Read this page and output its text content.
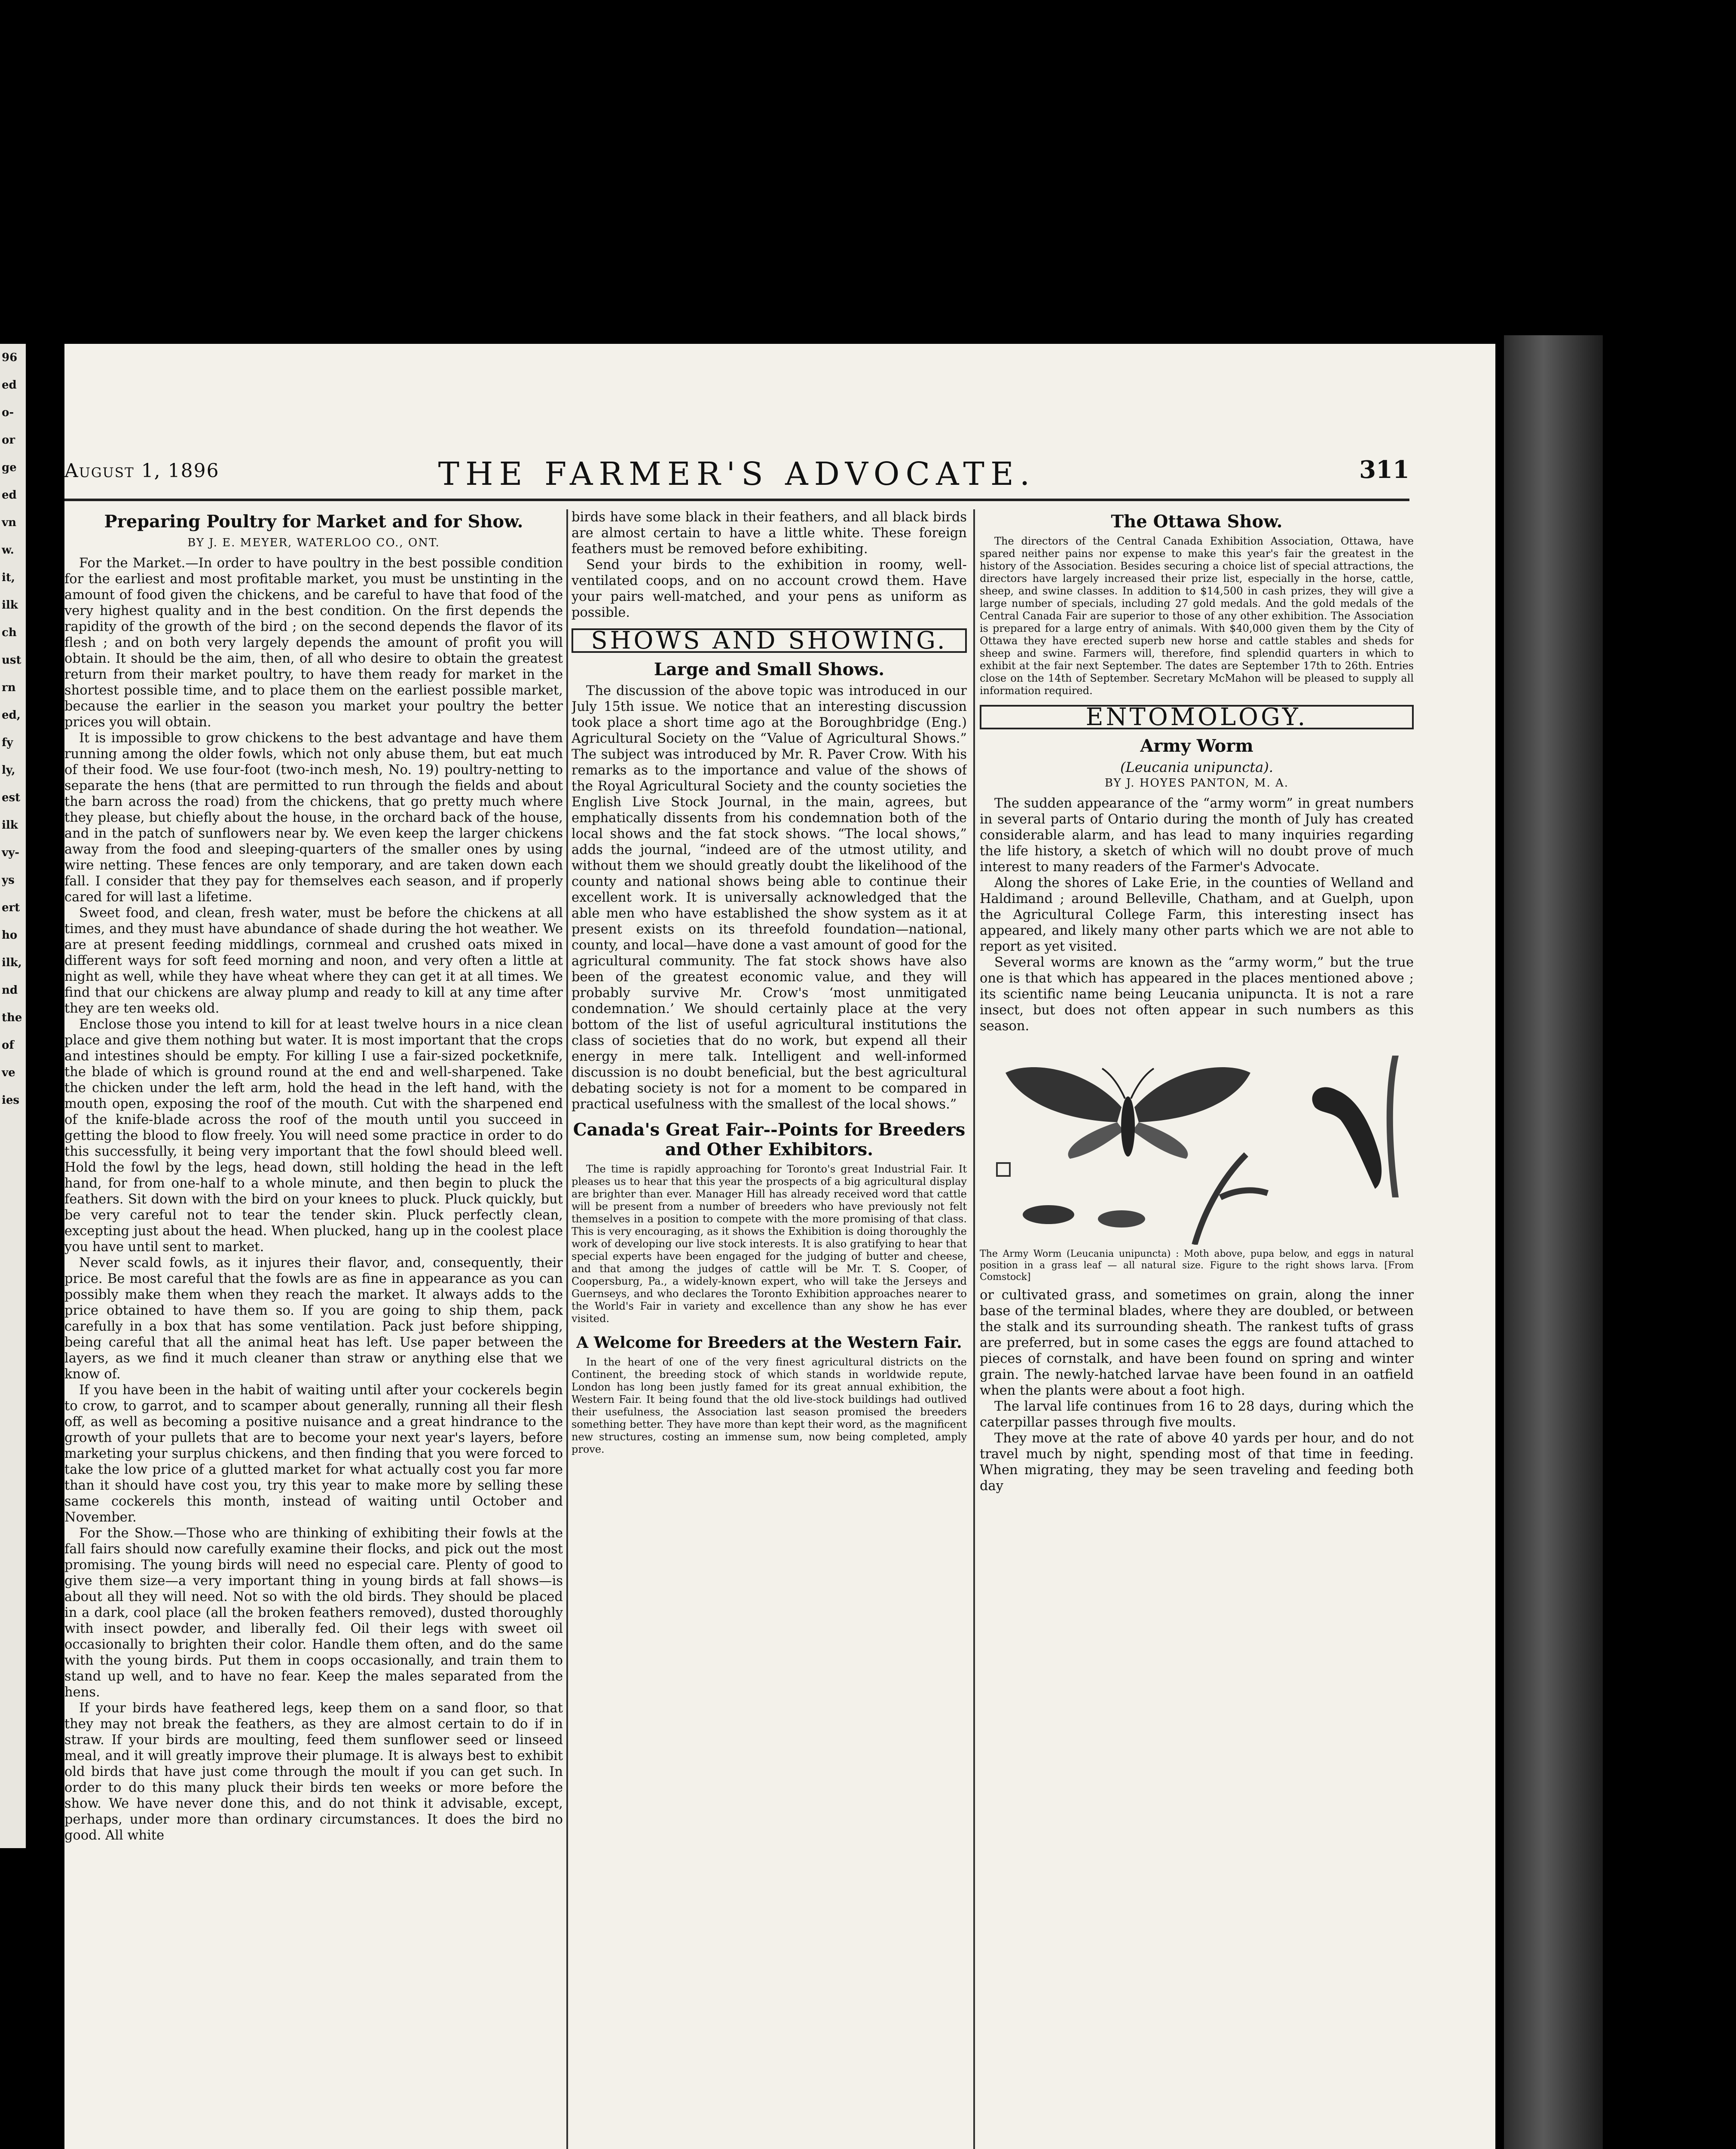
96
ed
o-
or
ge
ed
vn
w.
it,
ilk
ch
ust
rn
ed,
fy
ly,
est
ilk
vy-
ys
ert
ho
ilk,
nd
the
of
ve
ies
August 1, 1896	THE FARMER'S ADVOCATE.	311
Preparing Poultry for Market and for Show.
BY J. E. MEYER, WATERLOO CO., ONT.

For the Market.—In order to have poultry in the best possible condition for the earliest and most profitable market, you must be unstinting in the amount of food given the chickens, and be careful to have that food of the very highest quality and in the best condition. On the first depends the rapidity of the growth of the bird ; on the second depends the flavor of its flesh ; and on both very largely depends the amount of profit you will obtain. It should be the aim, then, of all who desire to obtain the greatest return from their market poultry, to have them ready for market in the shortest possible time, and to place them on the earliest possible market, because the earlier in the season you market your poultry the better prices you will obtain.

It is impossible to grow chickens to the best advantage and have them running among the older fowls, which not only abuse them, but eat much of their food. We use four-foot (two-inch mesh, No. 19) poultry-netting to separate the hens (that are permitted to run through the fields and about the barn across the road) from the chickens, that go pretty much where they please, but chiefly about the house, in the orchard back of the house, and in the patch of sunflowers near by. We even keep the larger chickens away from the food and sleeping-quarters of the smaller ones by using wire netting. These fences are only temporary, and are taken down each fall. I consider that they pay for themselves each season, and if properly cared for will last a lifetime.

Sweet food, and clean, fresh water, must be before the chickens at all times, and they must have abundance of shade during the hot weather. We are at present feeding middlings, cornmeal and crushed oats mixed in different ways for soft feed morning and noon, and very often a little at night as well, while they have wheat where they can get it at all times. We find that our chickens are alway plump and ready to kill at any time after they are ten weeks old.

Enclose those you intend to kill for at least twelve hours in a nice clean place and give them nothing but water. It is most important that the crops and intestines should be empty. For killing I use a fair-sized pocketknife, the blade of which is ground round at the end and well-sharpened. Take the chicken under the left arm, hold the head in the left hand, with the mouth open, exposing the roof of the mouth. Cut with the sharpened end of the knife-blade across the roof of the mouth until you succeed in getting the blood to flow freely. You will need some practice in order to do this successfully, it being very important that the fowl should bleed well. Hold the fowl by the legs, head down, still holding the head in the left hand, for from one-half to a whole minute, and then begin to pluck the feathers. Sit down with the bird on your knees to pluck. Pluck quickly, but be very careful not to tear the tender skin. Pluck perfectly clean, excepting just about the head. When plucked, hang up in the coolest place you have until sent to market.

Never scald fowls, as it injures their flavor, and, consequently, their price. Be most careful that the fowls are as fine in appearance as you can possibly make them when they reach the market. It always adds to the price obtained to have them so. If you are going to ship them, pack carefully in a box that has some ventilation. Pack just before shipping, being careful that all the animal heat has left. Use paper between the layers, as we find it much cleaner than straw or anything else that we know of.

If you have been in the habit of waiting until after your cockerels begin to crow, to garrot, and to scamper about generally, running all their flesh off, as well as becoming a positive nuisance and a great hindrance to the growth of your pullets that are to become your next year's layers, before marketing your surplus chickens, and then finding that you were forced to take the low price of a glutted market for what actually cost you far more than it should have cost you, try this year to make more by selling these same cockerels this month, instead of waiting until October and November.

For the Show.—Those who are thinking of exhibiting their fowls at the fall fairs should now carefully examine their flocks, and pick out the most promising. The young birds will need no especial care. Plenty of good to give them size—a very important thing in young birds at fall shows—is about all they will need. Not so with the old birds. They should be placed in a dark, cool place (all the broken feathers removed), dusted thoroughly with insect powder, and liberally fed. Oil their legs with sweet oil occasionally to brighten their color. Handle them often, and do the same with the young birds. Put them in coops occasionally, and train them to stand up well, and to have no fear. Keep the males separated from the hens.

If your birds have feathered legs, keep them on a sand floor, so that they may not break the feathers, as they are almost certain to do if in straw. If your birds are moulting, feed them sunflower seed or linseed meal, and it will greatly improve their plumage. It is always best to exhibit old birds that have just come through the moult if you can get such. In order to do this many pluck their birds ten weeks or more before the show. We have never done this, and do not think it advisable, except, perhaps, under more than ordinary circumstances. It does the bird no good. All white

birds have some black in their feathers, and all black birds are almost certain to have a little white. These foreign feathers must be removed before exhibiting.

Send your birds to the exhibition in roomy, well-ventilated coops, and on no account crowd them. Have your pairs well-matched, and your pens as uniform as possible.

SHOWS AND SHOWING.
Large and Small Shows.

The discussion of the above topic was introduced in our July 15th issue. We notice that an interesting discussion took place a short time ago at the Boroughbridge (Eng.) Agricultural Society on the “Value of Agricultural Shows.” The subject was introduced by Mr. R. Paver Crow. With his remarks as to the importance and value of the shows of the Royal Agricultural Society and the county societies the English Live Stock Journal, in the main, agrees, but emphatically dissents from his condemnation both of the local shows and the fat stock shows. “The local shows,” adds the journal, “indeed are of the utmost utility, and without them we should greatly doubt the likelihood of the county and national shows being able to continue their excellent work. It is universally acknowledged that the able men who have established the show system as it at present exists on its threefold foundation—national, county, and local—have done a vast amount of good for the agricultural community. The fat stock shows have also been of the greatest economic value, and they will probably survive Mr. Crow's ‘most unmitigated condemnation.’ We should certainly place at the very bottom of the list of useful agricultural institutions the class of societies that do no work, but expend all their energy in mere talk. Intelligent and well-informed discussion is no doubt beneficial, but the best agricultural debating society is not for a moment to be compared in practical usefulness with the smallest of the local shows.”

Canada's Great Fair--Points for Breeders and Other Exhibitors.

The time is rapidly approaching for Toronto's great Industrial Fair. It pleases us to hear that this year the prospects of a big agricultural display are brighter than ever. Manager Hill has already received word that cattle will be present from a number of breeders who have previously not felt themselves in a position to compete with the more promising of that class. This is very encouraging, as it shows the Exhibition is doing thoroughly the work of developing our live stock interests. It is also gratifying to hear that special experts have been engaged for the judging of butter and cheese, and that among the judges of cattle will be Mr. T. S. Cooper, of Coopersburg, Pa., a widely-known expert, who will take the Jerseys and Guernseys, and who declares the Toronto Exhibition approaches nearer to the World's Fair in variety and excellence than any show he has ever visited.

A Welcome for Breeders at the Western Fair.

In the heart of one of the very finest agricultural districts on the Continent, the breeding stock of which stands in worldwide repute, London has long been justly famed for its great annual exhibition, the Western Fair. It being found that the old live-stock buildings had outlived their usefulness, the Association last season promised the breeders something better. They have more than kept their word, as the magnificent new structures, costing an immense sum, now being completed, amply prove.

The Ottawa Show.

The directors of the Central Canada Exhibition Association, Ottawa, have spared neither pains nor expense to make this year's fair the greatest in the history of the Association. Besides securing a choice list of special attractions, the directors have largely increased their prize list, especially in the horse, cattle, sheep, and swine classes. In addition to $14,500 in cash prizes, they will give a large number of specials, including 27 gold medals. And the gold medals of the Central Canada Fair are superior to those of any other exhibition. The Association is prepared for a large entry of animals. With $40,000 given them by the City of Ottawa they have erected superb new horse and cattle stables and sheds for sheep and swine. Farmers will, therefore, find splendid quarters in which to exhibit at the fair next September. The dates are September 17th to 26th. Entries close on the 14th of September. Secretary McMahon will be pleased to supply all information required.

ENTOMOLOGY.
Army Worm
(Leucania unipuncta).
BY J. HOYES PANTON, M. A.

The sudden appearance of the “army worm” in great numbers in several parts of Ontario during the month of July has created considerable alarm, and has lead to many inquiries regarding the life history, a sketch of which will no doubt prove of much interest to many readers of the Farmer's Advocate.

Along the shores of Lake Erie, in the counties of Welland and Haldimand ; around Belleville, Chatham, and at Guelph, upon the Agricultural College Farm, this interesting insect has appeared, and likely many other parts which we are not able to report as yet visited.

Several worms are known as the “army worm,” but the true one is that which has appeared in the places mentioned above ; its scientific name being Leucania unipuncta. It is not a rare insect, but does not often appear in such numbers as this season.

The Army Worm (Leucania unipuncta) : Moth above, pupa below, and eggs in natural position in a grass leaf — all natural size. Figure to the right shows larva. [From Comstock]

or cultivated grass, and sometimes on grain, along the inner base of the terminal blades, where they are doubled, or between the stalk and its surrounding sheath. The rankest tufts of grass are preferred, but in some cases the eggs are found attached to pieces of cornstalk, and have been found on spring and winter grain. The newly-hatched larvae have been found in an oatfield when the plants were about a foot high.

The larval life continues from 16 to 28 days, during which the caterpillar passes through five moults.

They move at the rate of above 40 yards per hour, and do not travel much by night, spending most of that time in feeding. When migrating, they may be seen traveling and feeding both day
